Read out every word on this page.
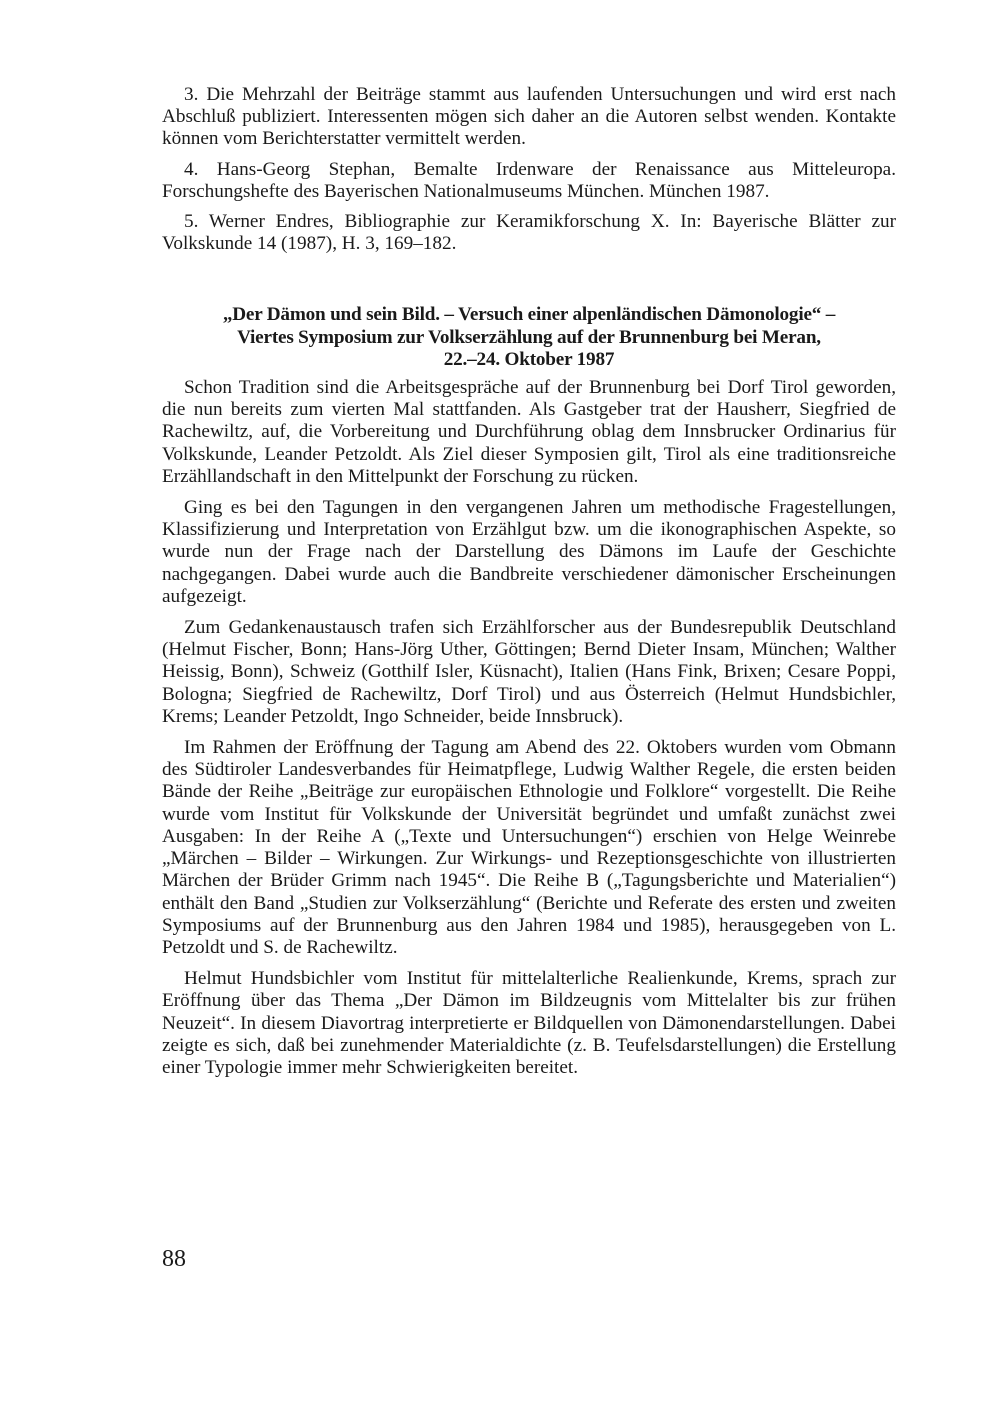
3. Die Mehrzahl der Beiträge stammt aus laufenden Untersuchungen und wird erst nach Abschluß publiziert. Interessenten mögen sich daher an die Autoren selbst wenden. Kontakte können vom Berichterstatter vermittelt werden.

4. Hans-Georg Stephan, Bemalte Irdenware der Renaissance aus Mitteleuropa. Forschungshefte des Bayerischen Nationalmuseums München. München 1987.

5. Werner Endres, Bibliographie zur Keramikforschung X. In: Bayerische Blätter zur Volkskunde 14 (1987), H. 3, 169–182.

„Der Dämon und sein Bild. – Versuch einer alpenländischen Dämonologie“ –
Viertes Symposium zur Volkserzählung auf der Brunnenburg bei Meran,
22.–24. Oktober 1987

Schon Tradition sind die Arbeitsgespräche auf der Brunnenburg bei Dorf Tirol geworden, die nun bereits zum vierten Mal stattfanden. Als Gastgeber trat der Hausherr, Siegfried de Rachewiltz, auf, die Vorbereitung und Durchführung oblag dem Innsbrucker Ordinarius für Volkskunde, Leander Petzoldt. Als Ziel dieser Symposien gilt, Tirol als eine traditionsreiche Erzähllandschaft in den Mittelpunkt der Forschung zu rücken.

Ging es bei den Tagungen in den vergangenen Jahren um methodische Fragestellungen, Klassifizierung und Interpretation von Erzählgut bzw. um die ikonographischen Aspekte, so wurde nun der Frage nach der Darstellung des Dämons im Laufe der Geschichte nachgegangen. Dabei wurde auch die Bandbreite verschiedener dämonischer Erscheinungen aufgezeigt.

Zum Gedankenaustausch trafen sich Erzählforscher aus der Bundesrepublik Deutschland (Helmut Fischer, Bonn; Hans-Jörg Uther, Göttingen; Bernd Dieter Insam, München; Walther Heissig, Bonn), Schweiz (Gotthilf Isler, Küsnacht), Italien (Hans Fink, Brixen; Cesare Poppi, Bologna; Siegfried de Rachewiltz, Dorf Tirol) und aus Österreich (Helmut Hundsbichler, Krems; Leander Petzoldt, Ingo Schneider, beide Innsbruck).

Im Rahmen der Eröffnung der Tagung am Abend des 22. Oktobers wurden vom Obmann des Südtiroler Landesverbandes für Heimatpflege, Ludwig Walther Regele, die ersten beiden Bände der Reihe „Beiträge zur europäischen Ethnologie und Folklore“ vorgestellt. Die Reihe wurde vom Institut für Volkskunde der Universität begründet und umfaßt zunächst zwei Ausgaben: In der Reihe A („Texte und Untersuchungen“) erschien von Helge Weinrebe „Märchen – Bilder – Wirkungen. Zur Wirkungs- und Rezeptionsgeschichte von illustrierten Märchen der Brüder Grimm nach 1945“. Die Reihe B („Tagungsberichte und Materialien“) enthält den Band „Studien zur Volkserzählung“ (Berichte und Referate des ersten und zweiten Symposiums auf der Brunnenburg aus den Jahren 1984 und 1985), herausgegeben von L. Petzoldt und S. de Rachewiltz.

Helmut Hundsbichler vom Institut für mittelalterliche Realienkunde, Krems, sprach zur Eröffnung über das Thema „Der Dämon im Bildzeugnis vom Mittelalter bis zur frühen Neuzeit“. In diesem Diavortrag interpretierte er Bildquellen von Dämonendarstellungen. Dabei zeigte es sich, daß bei zunehmender Materialdichte (z. B. Teufelsdarstellungen) die Erstellung einer Typologie immer mehr Schwierigkeiten bereitet.

88
